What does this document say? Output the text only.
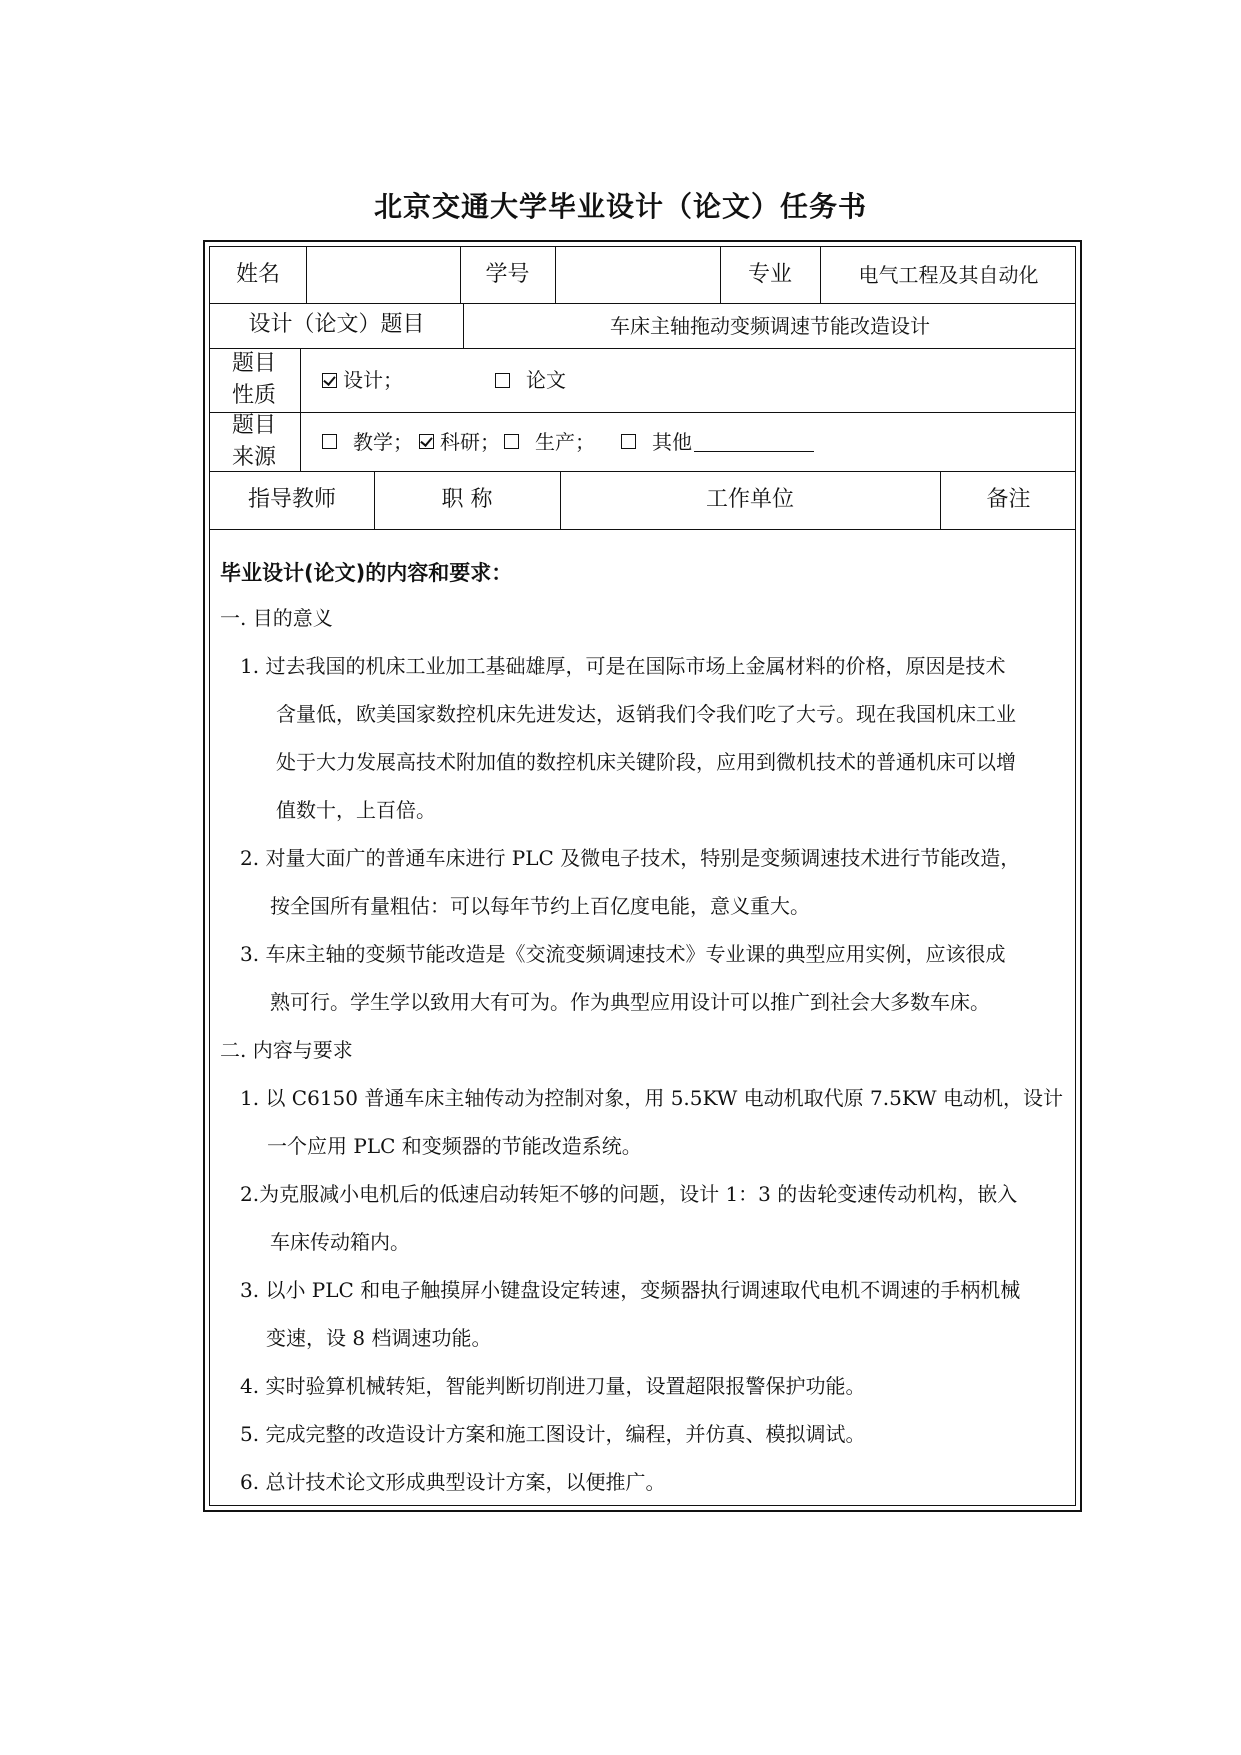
北京交通大学毕业设计（论文）任务书
姓名	学号	专业	电气工程及其自动化
设计（论文）题目	车床主轴拖动变频调速节能改造设计
题目
性质
设计；	论文
题目
来源
教学； 科研； 生产；	其他
指导教师	职 称	工作单位	备注
毕业设计(论文)的内容和要求：
一. 目的意义
1. 过去我国的机床工业加工基础雄厚，可是在国际市场上金属材料的价格，原因是技术
含量低，欧美国家数控机床先进发达，返销我们令我们吃了大亏。现在我国机床工业
处于大力发展高技术附加值的数控机床关键阶段，应用到微机技术的普通机床可以增
值数十，上百倍。
2. 对量大面广的普通车床进行 PLC 及微电子技术，特别是变频调速技术进行节能改造，
按全国所有量粗估：可以每年节约上百亿度电能，意义重大。
3. 车床主轴的变频节能改造是《交流变频调速技术》专业课的典型应用实例，应该很成
熟可行。学生学以致用大有可为。作为典型应用设计可以推广到社会大多数车床。
二. 内容与要求
1. 以 C6150 普通车床主轴传动为控制对象，用 5.5KW 电动机取代原 7.5KW 电动机，设计
一个应用 PLC 和变频器的节能改造系统。
2.为克服减小电机后的低速启动转矩不够的问题，设计 1：3 的齿轮变速传动机构，嵌入
车床传动箱内。
3. 以小 PLC 和电子触摸屏小键盘设定转速，变频器执行调速取代电机不调速的手柄机械
变速，设 8 档调速功能。
4. 实时验算机械转矩，智能判断切削进刀量，设置超限报警保护功能。
5. 完成完整的改造设计方案和施工图设计，编程，并仿真、模拟调试。
6. 总计技术论文形成典型设计方案，以便推广。
